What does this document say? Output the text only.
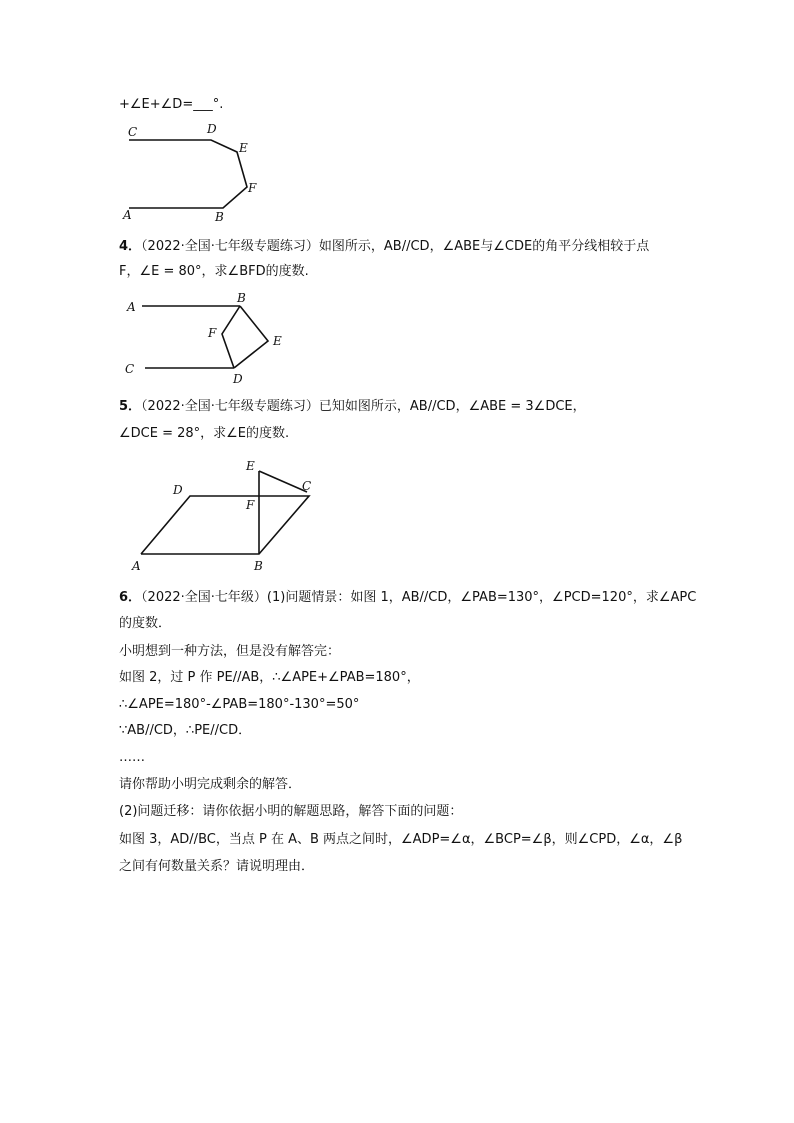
+∠E+∠D=___°.
C	D
E
F
A	B
4．（2022·全国·七年级专题练习）如图所示，AB//CD，∠ABE与∠CDE的角平分线相较于点
F，∠E = 80°，求∠BFD的度数.
A
B
F
E
C
D
5．（2022·全国·七年级专题练习）已知如图所示，AB//CD，∠ABE = 3∠DCE，
∠DCE = 28°，求∠E的度数.
E
C
D
F
A	B
6．（2022·全国·七年级）(1)问题情景：如图 1，AB//CD，∠PAB=130°，∠PCD=120°，求∠APC
的度数．
小明想到一种方法，但是没有解答完：
如图 2，过 P 作 PE//AB，∴∠APE+∠PAB=180°，
∴∠APE=180°-∠PAB=180°-130°=50°
∵AB//CD，∴PE//CD．
……
请你帮助小明完成剩余的解答．
(2)问题迁移：请你依据小明的解题思路，解答下面的问题：
如图 3，AD//BC，当点 P 在 A、B 两点之间时，∠ADP=∠α，∠BCP=∠β，则∠CPD，∠α，∠β
之间有何数量关系？请说明理由．
